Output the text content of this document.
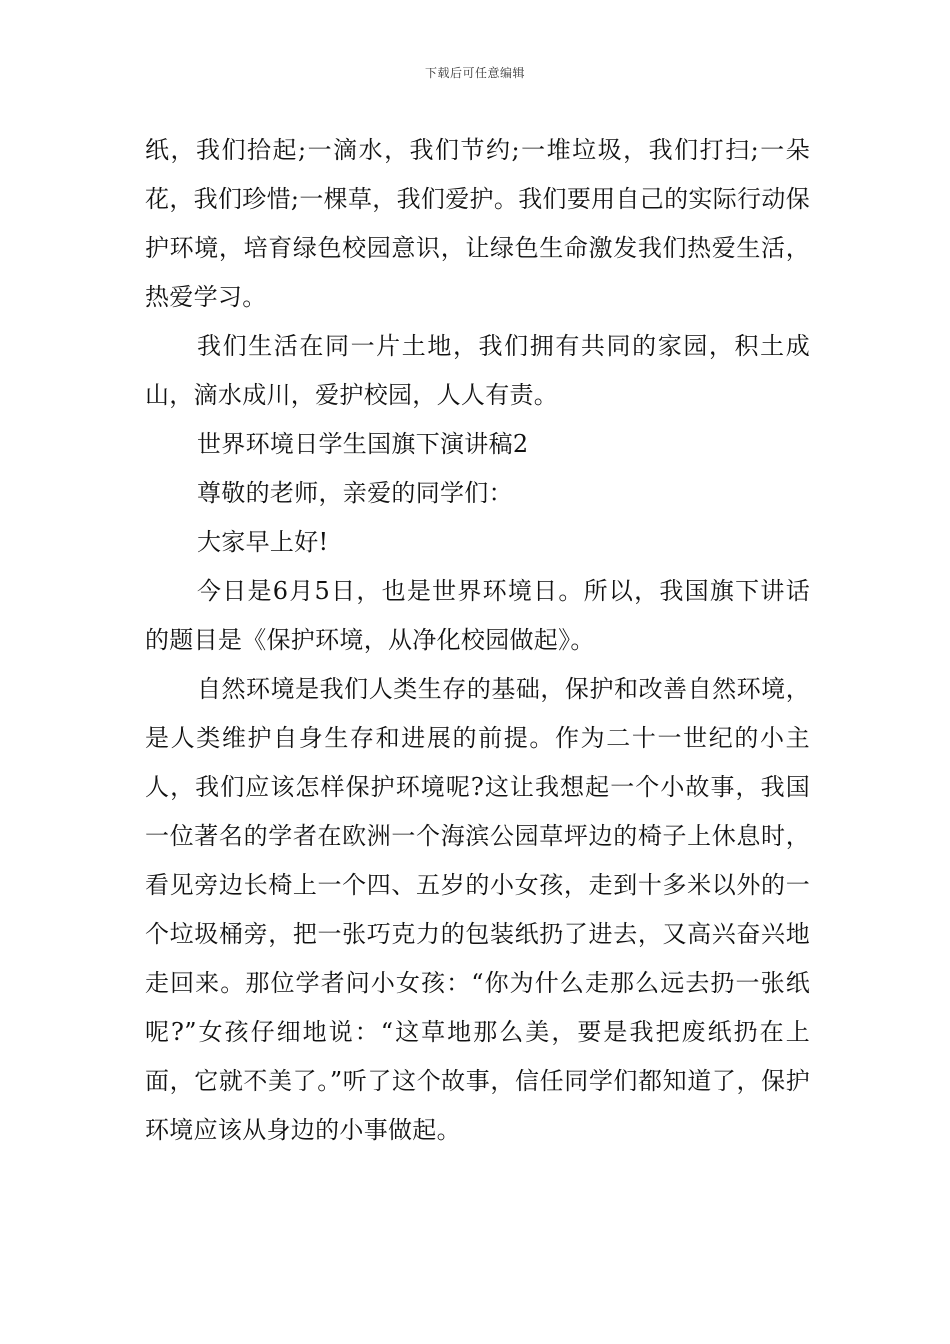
下载后可任意编辑

纸，我们拾起;一滴水，我们节约;一堆垃圾，我们打扫;一朵花，我们珍惜;一棵草，我们爱护。我们要用自己的实际行动保护环境，培育绿色校园意识，让绿色生命激发我们热爱生活，热爱学习。

我们生活在同一片土地，我们拥有共同的家园，积土成山，滴水成川，爱护校园，人人有责。

世界环境日学生国旗下演讲稿2

尊敬的老师，亲爱的同学们：

大家早上好!

今日是6月5日，也是世界环境日。所以，我国旗下讲话的题目是《保护环境，从净化校园做起》。

自然环境是我们人类生存的基础，保护和改善自然环境，是人类维护自身生存和进展的前提。作为二十一世纪的小主人，我们应该怎样保护环境呢?这让我想起一个小故事，我国一位著名的学者在欧洲一个海滨公园草坪边的椅子上休息时，看见旁边长椅上一个四、五岁的小女孩，走到十多米以外的一个垃圾桶旁，把一张巧克力的包装纸扔了进去，又高兴奋兴地走回来。那位学者问小女孩：“你为什么走那么远去扔一张纸呢?”女孩仔细地说：“这草地那么美，要是我把废纸扔在上面，它就不美了。”听了这个故事，信任同学们都知道了，保护环境应该从身边的小事做起。
